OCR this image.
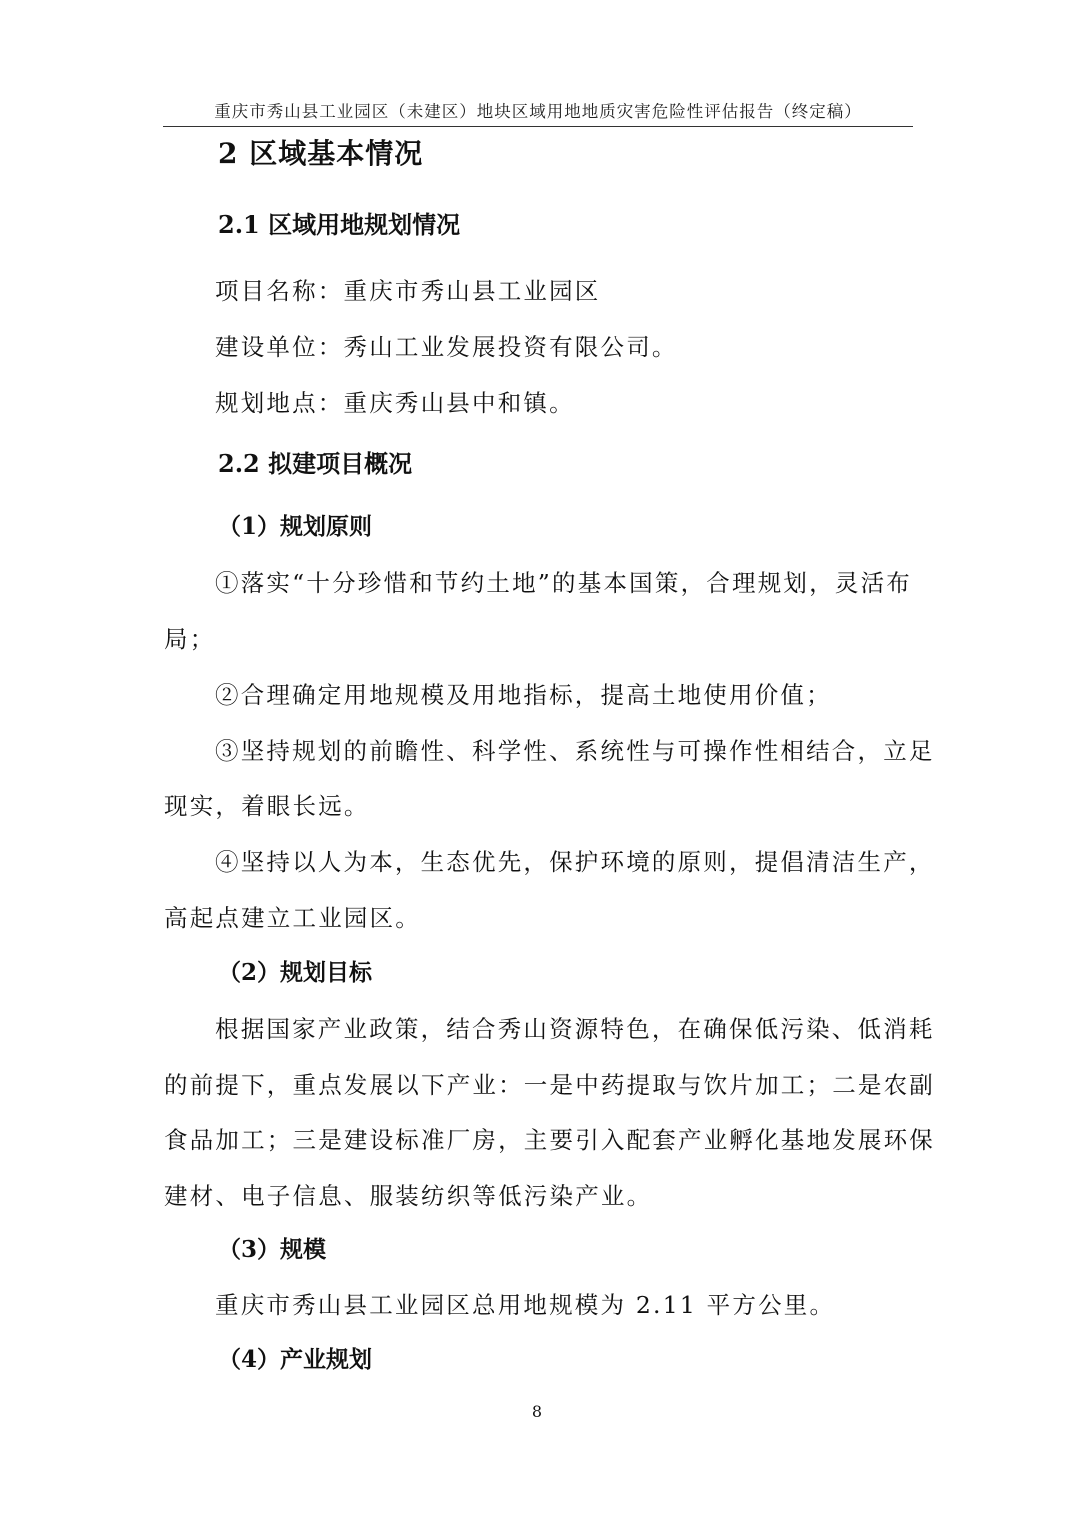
重庆市秀山县工业园区（未建区）地块区域用地地质灾害危险性评估报告（终定稿）
2 区域基本情况
2.1 区域用地规划情况
项目名称：重庆市秀山县工业园区
建设单位：秀山工业发展投资有限公司。
规划地点：重庆秀山县中和镇。
2.2 拟建项目概况
（1）规划原则
①落实“十分珍惜和节约土地”的基本国策，合理规划，灵活布
局；
②合理确定用地规模及用地指标，提高土地使用价值；
③坚持规划的前瞻性、科学性、系统性与可操作性相结合，立足
现实，着眼长远。
④坚持以人为本，生态优先，保护环境的原则，提倡清洁生产，
高起点建立工业园区。
（2）规划目标
根据国家产业政策，结合秀山资源特色，在确保低污染、低消耗
的前提下，重点发展以下产业：一是中药提取与饮片加工；二是农副
食品加工；三是建设标准厂房，主要引入配套产业孵化基地发展环保
建材、电子信息、服装纺织等低污染产业。
（3）规模
重庆市秀山县工业园区总用地规模为 2.11 平方公里。
（4）产业规划
8
